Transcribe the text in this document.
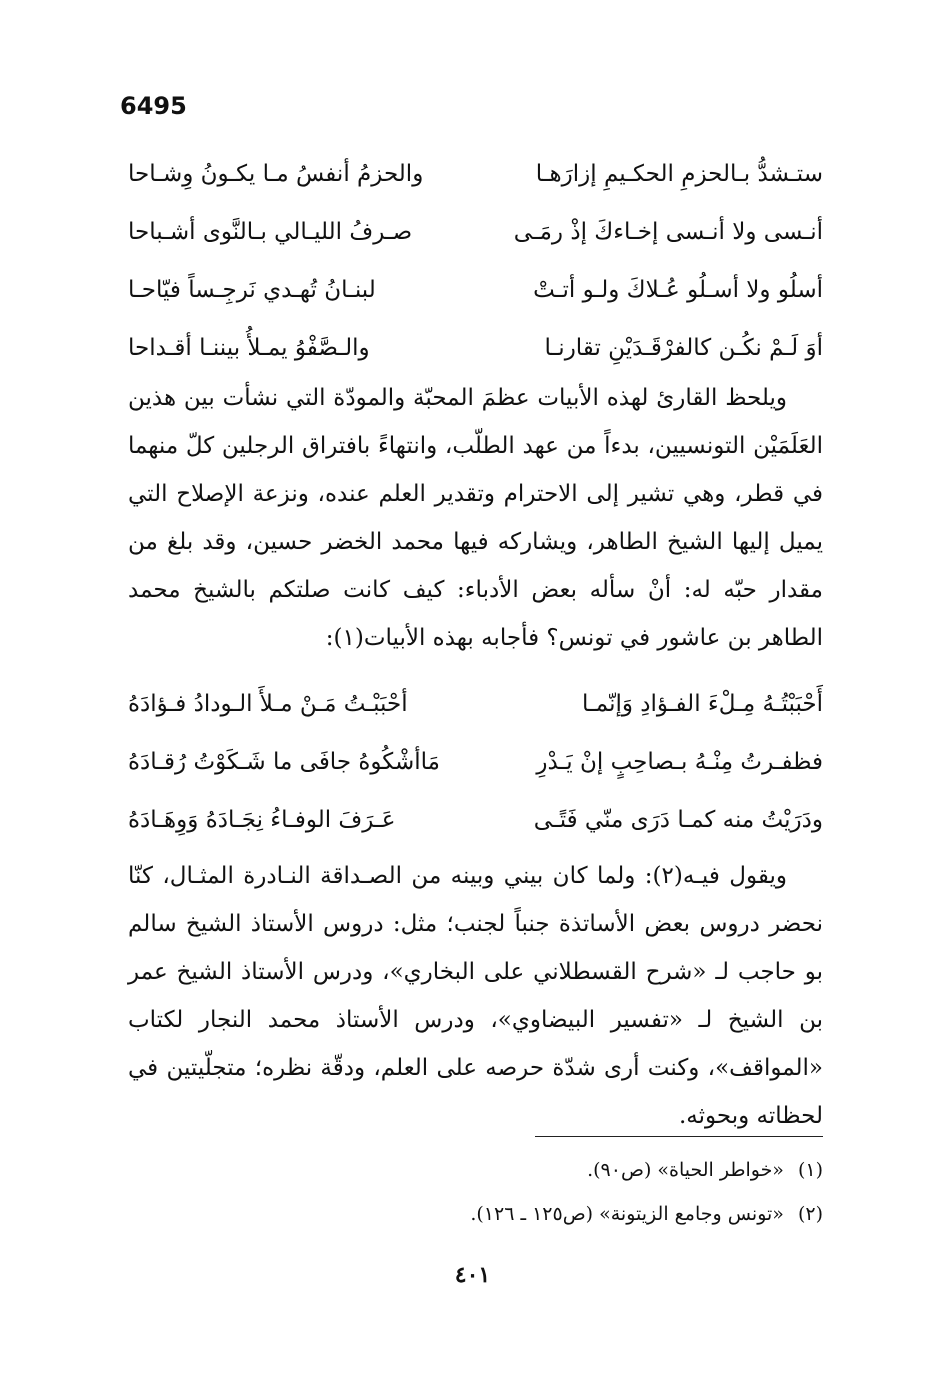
6495
ستـشدُّ بـالحزمِ الحكـيمِ إزارَهـا
والحزمُ أنفسُ مـا يكـونُ وِشـاحا
أنـسى ولا أنـسى إخـاءكَ إذْ رمَـى
صـرفُ الليـالي بـالنَّوى أشـباحا
أسلُو ولا أسـلُو عُـلاكَ ولـو أتـتْ
لبنـانُ تُهـدي نَرجِـساً فيّاحـا
أوَ لَـمْ نكُـن كالفرْقَـدَيْنِ تقارنـا
والـصَّفْوُ يمـلأُ بيننـا أقـداحا

ويلحظ القارئ لهذه الأبيات عظمَ المحبّة والمودّة التي نشأت بين هذين العَلَمَيْن التونسيين، بدءاً من عهد الطلّب، وانتهاءً بافتراق الرجلين كلّ منهما في قطر، وهي تشير إلى الاحترام وتقدير العلم عنده، ونزعة الإصلاح التي يميل إليها الشيخ الطاهر، ويشاركه فيها محمد الخضر حسين، وقد بلغ من مقدار حبّه له: أنْ سأله بعض الأدباء: كيف كانت صلتكم بالشيخ محمد الطاهر بن عاشور في تونس؟ فأجابه بهذه الأبيات(١):

أَحْبَبْتُـهُ مِـلْءَ الفـؤادِ وَإنّمـا
أحْبَبْـتُ مَـنْ مـلأَ الـودادُ فـؤادَهُ
فظفـرتُ مِنْـهُ بـصاحِبٍ إنْ يَـدْرِ
مَاأشْكُوهُ جافَى ما شَـكَوْتُ رُقـادَهُ
ودَرَيْتُ منه كمـا دَرَى منّي فَتًـى
عَـرَفَ الوفـاءُ نِجَـادَهُ وَوِهَـادَهُ

ويقول فيـه(٢): ولما كان بيني وبينه من الصـداقة النـادرة المثـال، كنّا نحضر دروس بعض الأساتذة جنباً لجنب؛ مثل: دروس الأستاذ الشيخ سالم بو حاجب لـ «شرح القسطلاني على البخاري»، ودرس الأستاذ الشيخ عمر بن الشيخ لـ «تفسير البيضاوي»، ودرس الأستاذ محمد النجار لكتاب «المواقف»، وكنت أرى شدّة حرصه على العلم، ودقّة نظره؛ متجلّيتين في لحظاته وبحوثه.

(١)«خواطر الحياة» (ص٩٠).
(٢)«تونس وجامع الزيتونة» (ص١٢٥ ـ ١٢٦).
٤٠١
